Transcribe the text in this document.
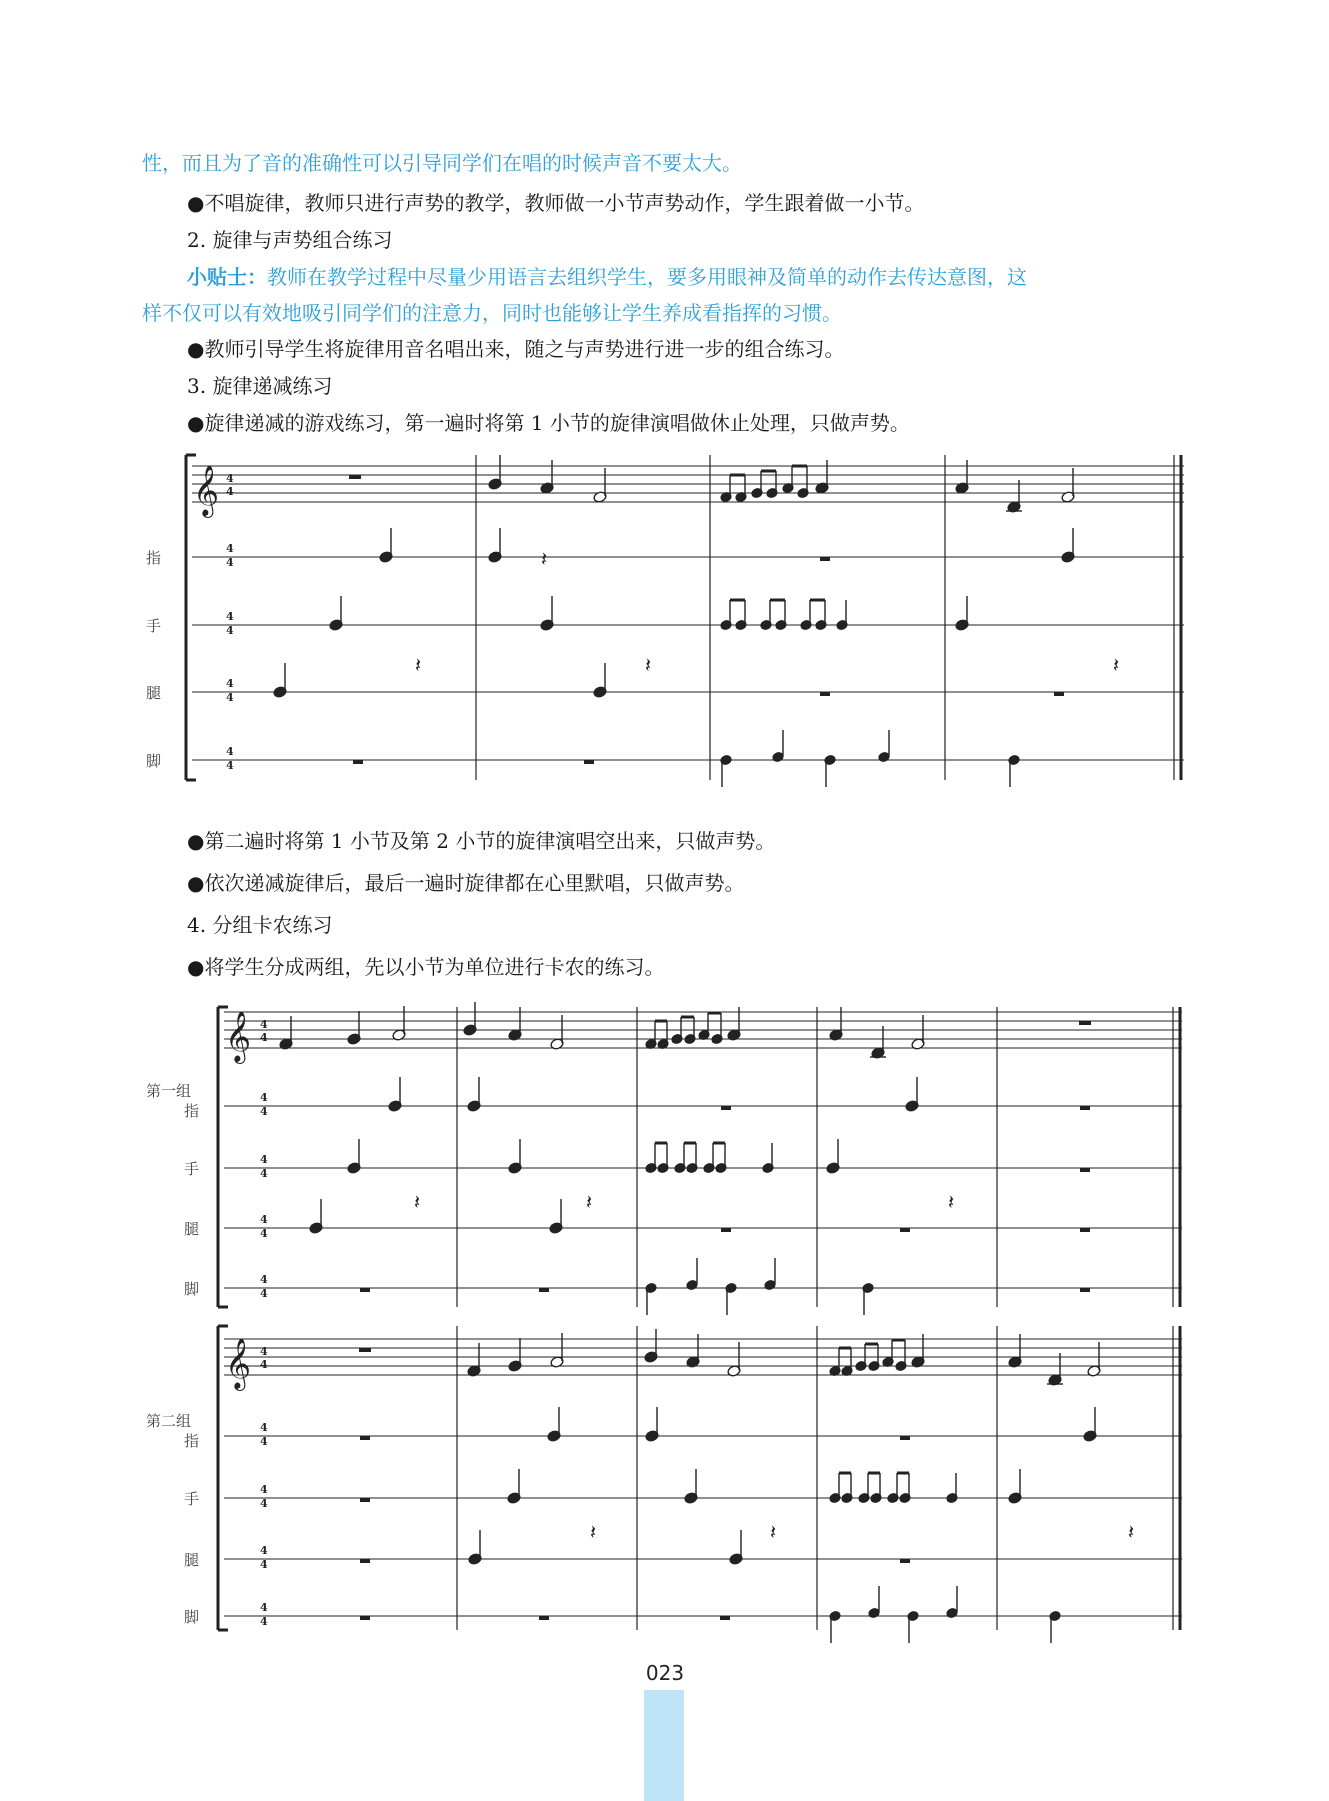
性，而且为了音的准确性可以引导同学们在唱的时候声音不要太大。
●不唱旋律，教师只进行声势的教学，教师做一小节声势动作，学生跟着做一小节。
2. 旋律与声势组合练习
小贴士：教师在教学过程中尽量少用语言去组织学生，要多用眼神及简单的动作去传达意图，这
样不仅可以有效地吸引同学们的注意力，同时也能够让学生养成看指挥的习惯。
●教师引导学生将旋律用音名唱出来，随之与声势进行进一步的组合练习。
3. 旋律递减练习
●旋律递减的游戏练习，第一遍时将第 1 小节的旋律演唱做休止处理，只做声势。
●第二遍时将第 1 小节及第 2 小节的旋律演唱空出来，只做声势。
●依次递减旋律后，最后一遍时旋律都在心里默唱，只做声势。
4. 分组卡农练习
●将学生分成两组，先以小节为单位进行卡农的练习。
𝄞
𝄽
𝄽	𝄽	𝄽
4
4
4
4
4
4
4
4
4
4
指
手
腿
脚
𝄞
𝄽	𝄽	𝄽
4
4
4
4
4
4
4
4
4
4
第一组
指
手
腿
脚
𝄞
𝄽	𝄽	𝄽
4
4
4
4
4
4
4
4
4
4
第二组
指
手
腿
脚
023
